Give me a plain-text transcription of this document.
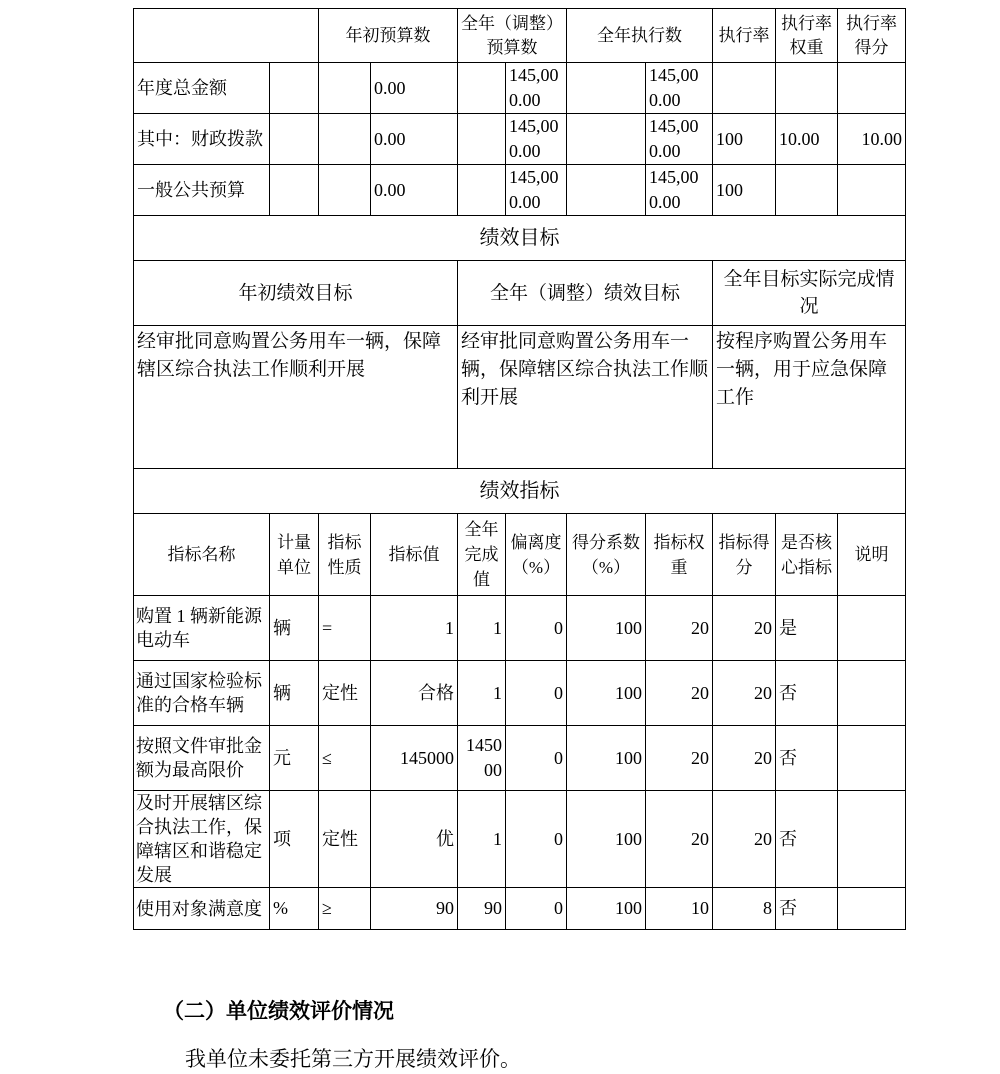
		年初预算数		全年（调整）预算数		全年执行数		执行率	执行率权重	执行率得分
年度总金额			0.00		145,000.00		145,000.00			
其中：财政拨款			0.00		145,000.00		145,000.00	100	10.00	10.00
一般公共预算			0.00		145,000.00		145,000.00	100		
绩效目标										
年初绩效目标				全年（调整）绩效目标				全年目标实际完成情况		
经审批同意购置公务用车一辆，保障辖区综合执法工作顺利开展				经审批同意购置公务用车一辆，保障辖区综合执法工作顺利开展				按程序购置公务用车一辆，用于应急保障工作		
绩效指标										
指标名称	计量单位	指标性质	指标值	全年完成值	偏离度（%）	得分系数（%）	指标权重	指标得分	是否核心指标	说明
购置 1 辆新能源电动车	辆	=	1	1	0	100	20	20	是	
通过国家检验标准的合格车辆	辆	定性	合格	1	0	100	20	20	否	
按照文件审批金额为最高限价	元	≤	145000	145000	0	100	20	20	否	
及时开展辖区综合执法工作，保障辖区和谐稳定发展	项	定性	优	1	0	100	20	20	否	
使用对象满意度	%	≥	90	90	0	100	10	8	否	

（二）单位绩效评价情况

我单位未委托第三方开展绩效评价。
